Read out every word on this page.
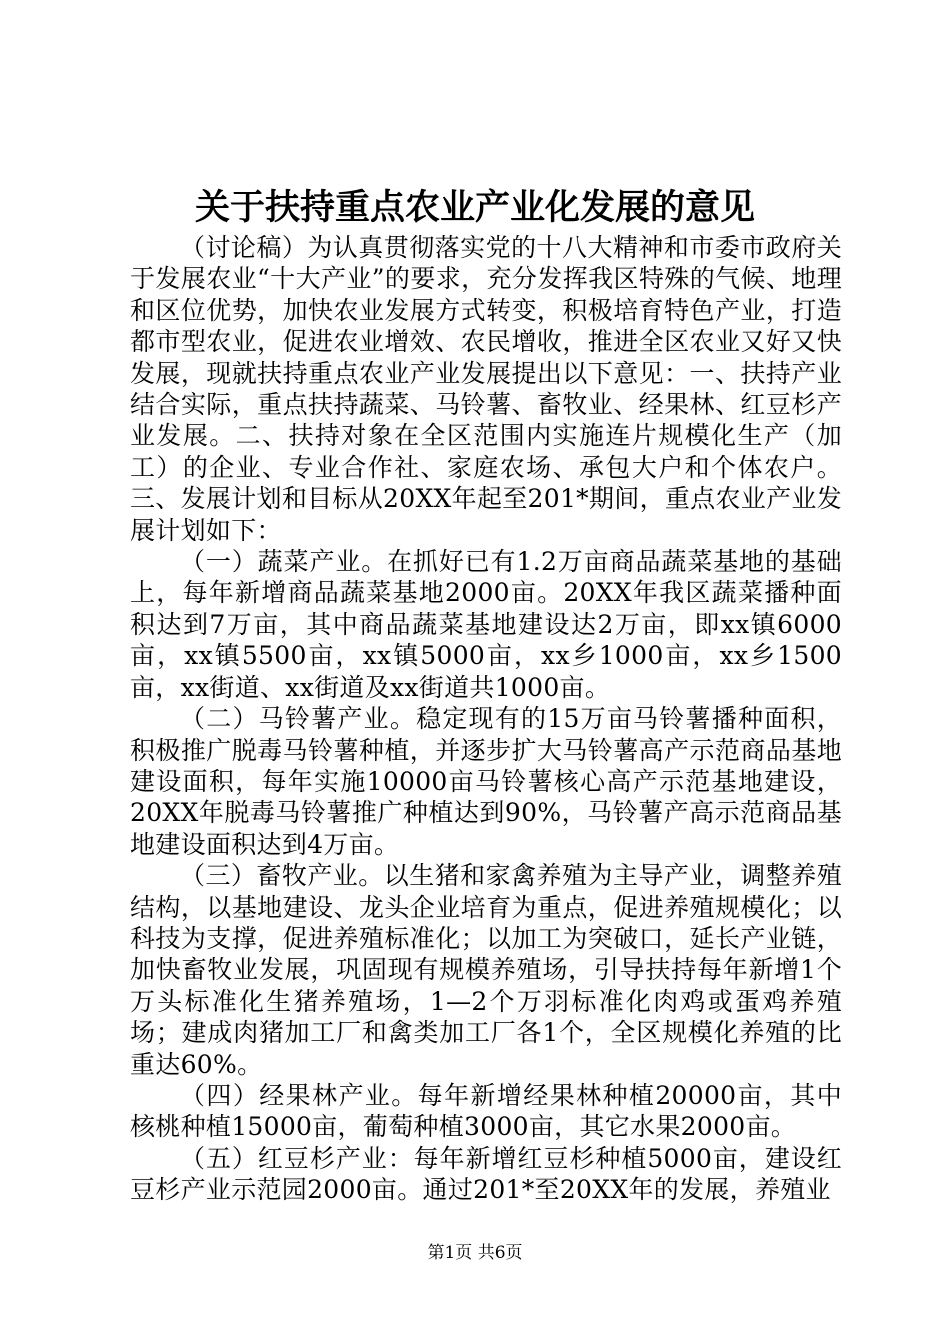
关于扶持重点农业产业化发展的意见

（讨论稿）为认真贯彻落实党的十八大精神和市委市政府关于发展农业“十大产业”的要求，充分发挥我区特殊的气候、地理和区位优势，加快农业发展方式转变，积极培育特色产业，打造都市型农业，促进农业增效、农民增收，推进全区农业又好又快发展，现就扶持重点农业产业发展提出以下意见：一、扶持产业结合实际，重点扶持蔬菜、马铃薯、畜牧业、经果林、红豆杉产业发展。二、扶持对象在全区范围内实施连片规模化生产（加工）的企业、专业合作社、家庭农场、承包大户和个体农户。三、发展计划和目标从20XX年起至201*期间，重点农业产业发展计划如下：

（一）蔬菜产业。在抓好已有1.2万亩商品蔬菜基地的基础上，每年新增商品蔬菜基地2000亩。20XX年我区蔬菜播种面积达到7万亩，其中商品蔬菜基地建设达2万亩，即xx镇6000亩，xx镇5500亩，xx镇5000亩，xx乡1000亩，xx乡1500亩，xx街道、xx街道及xx街道共1000亩。

（二）马铃薯产业。稳定现有的15万亩马铃薯播种面积，积极推广脱毒马铃薯种植，并逐步扩大马铃薯高产示范商品基地建设面积，每年实施10000亩马铃薯核心高产示范基地建设，20XX年脱毒马铃薯推广种植达到90%，马铃薯产高示范商品基地建设面积达到4万亩。

（三）畜牧产业。以生猪和家禽养殖为主导产业，调整养殖结构，以基地建设、龙头企业培育为重点，促进养殖规模化；以科技为支撑，促进养殖标准化；以加工为突破口，延长产业链，加快畜牧业发展，巩固现有规模养殖场，引导扶持每年新增1个万头标准化生猪养殖场，1—2个万羽标准化肉鸡或蛋鸡养殖场；建成肉猪加工厂和禽类加工厂各1个，全区规模化养殖的比重达60%。

（四）经果林产业。每年新增经果林种植20000亩，其中核桃种植15000亩，葡萄种植3000亩，其它水果2000亩。

（五）红豆杉产业：每年新增红豆杉种植5000亩，建设红豆杉产业示范园2000亩。通过201*至20XX年的发展，养殖业

第1页 共6页
